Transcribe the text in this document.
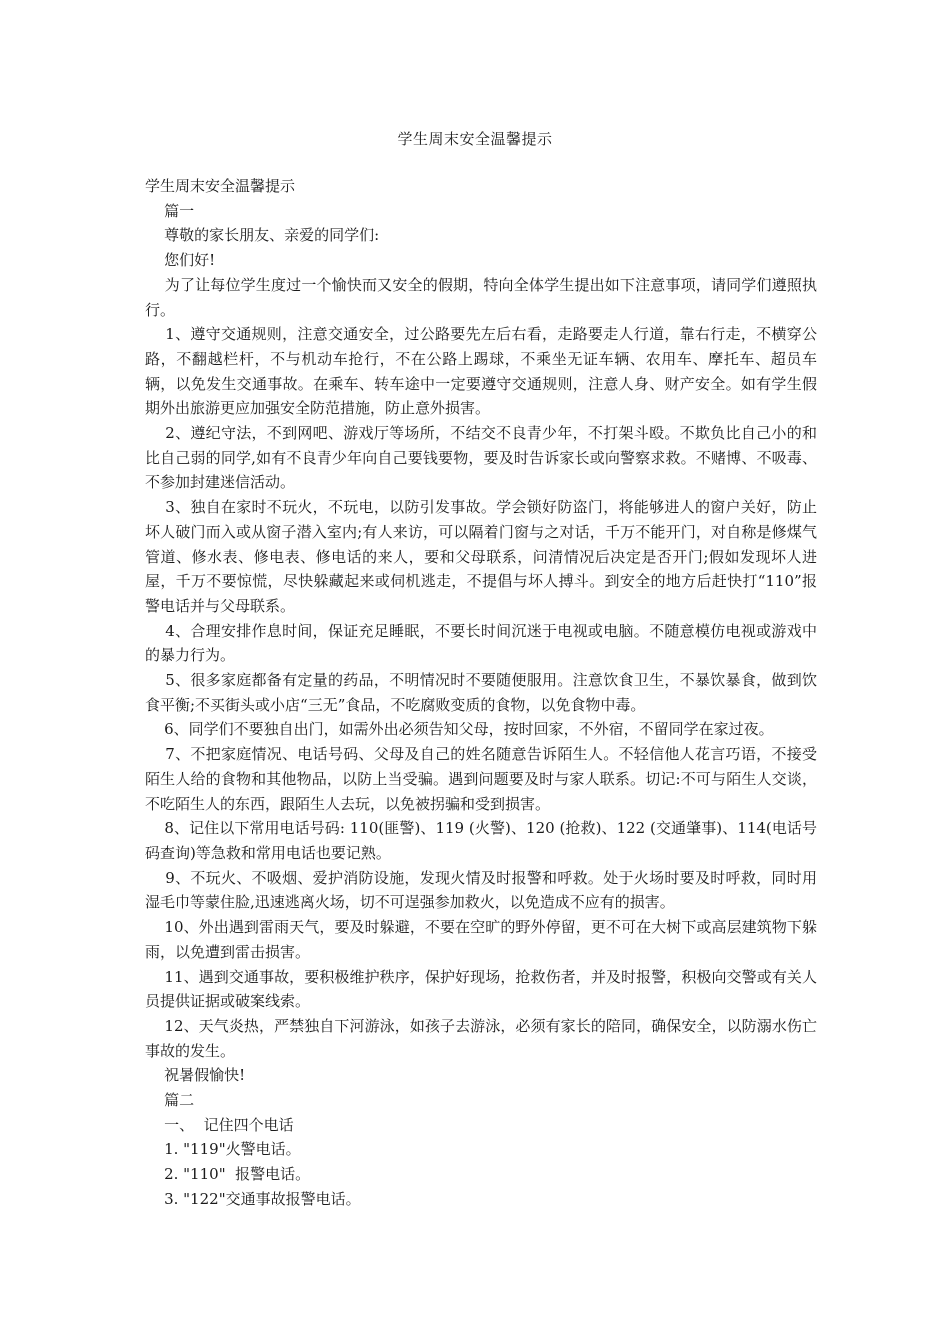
学生周末安全温馨提示

学生周末安全温馨提示

篇一

尊敬的家长朋友、亲爱的同学们:

您们好!

为了让每位学生度过一个愉快而又安全的假期，特向全体学生提出如下注意事项，请同学们遵照执行。

1、遵守交通规则，注意交通安全，过公路要先左后右看，走路要走人行道，靠右行走，不横穿公路，不翻越栏杆，不与机动车抢行，不在公路上踢球，不乘坐无证车辆、农用车、摩托车、超员车辆，以免发生交通事故。在乘车、转车途中一定要遵守交通规则，注意人身、财产安全。如有学生假期外出旅游更应加强安全防范措施，防止意外损害。

2、遵纪守法，不到网吧、游戏厅等场所，不结交不良青少年，不打架斗殴。不欺负比自己小的和比自己弱的同学,如有不良青少年向自己要钱要物，要及时告诉家长或向警察求救。不赌博、不吸毒、不参加封建迷信活动。

3、独自在家时不玩火，不玩电，以防引发事故。学会锁好防盗门，将能够进人的窗户关好，防止坏人破门而入或从窗子潜入室内;有人来访，可以隔着门窗与之对话，千万不能开门，对自称是修煤气管道、修水表、修电表、修电话的来人，要和父母联系，问清情况后决定是否开门;假如发现坏人进屋，千万不要惊慌，尽快躲藏起来或伺机逃走，不提倡与坏人搏斗。到安全的地方后赶快打“110”报警电话并与父母联系。

4、合理安排作息时间，保证充足睡眠，不要长时间沉迷于电视或电脑。不随意模仿电视或游戏中的暴力行为。

5、很多家庭都备有定量的药品，不明情况时不要随便服用。注意饮食卫生，不暴饮暴食，做到饮食平衡;不买街头或小店“三无”食品，不吃腐败变质的食物，以免食物中毒。

6、同学们不要独自出门，如需外出必须告知父母，按时回家，不外宿，不留同学在家过夜。

7、不把家庭情况、电话号码、父母及自己的姓名随意告诉陌生人。不轻信他人花言巧语，不接受陌生人给的食物和其他物品，以防上当受骗。遇到问题要及时与家人联系。切记:不可与陌生人交谈，不吃陌生人的东西，跟陌生人去玩，以免被拐骗和受到损害。

8、记住以下常用电话号码: 110(匪警)、119 (火警)、120 (抢救)、122 (交通肇事)、114(电话号码查询)等急救和常用电话也要记熟。

9、不玩火、不吸烟、爱护消防设施，发现火情及时报警和呼救。处于火场时要及时呼救，同时用湿毛巾等蒙住脸,迅速逃离火场，切不可逞强参加救火，以免造成不应有的损害。

10、外出遇到雷雨天气，要及时躲避，不要在空旷的野外停留，更不可在大树下或高层建筑物下躲雨，以免遭到雷击损害。

11、遇到交通事故，要积极维护秩序，保护好现场，抢救伤者，并及时报警，积极向交警或有关人员提供证据或破案线索。

12、天气炎热，严禁独自下河游泳，如孩子去游泳，必须有家长的陪同，确保安全，以防溺水伤亡事故的发生。

祝暑假愉快!

篇二

一、  记住四个电话

1. "119"火警电话。

2. "110"  报警电话。

3. "122"交通事故报警电话。
